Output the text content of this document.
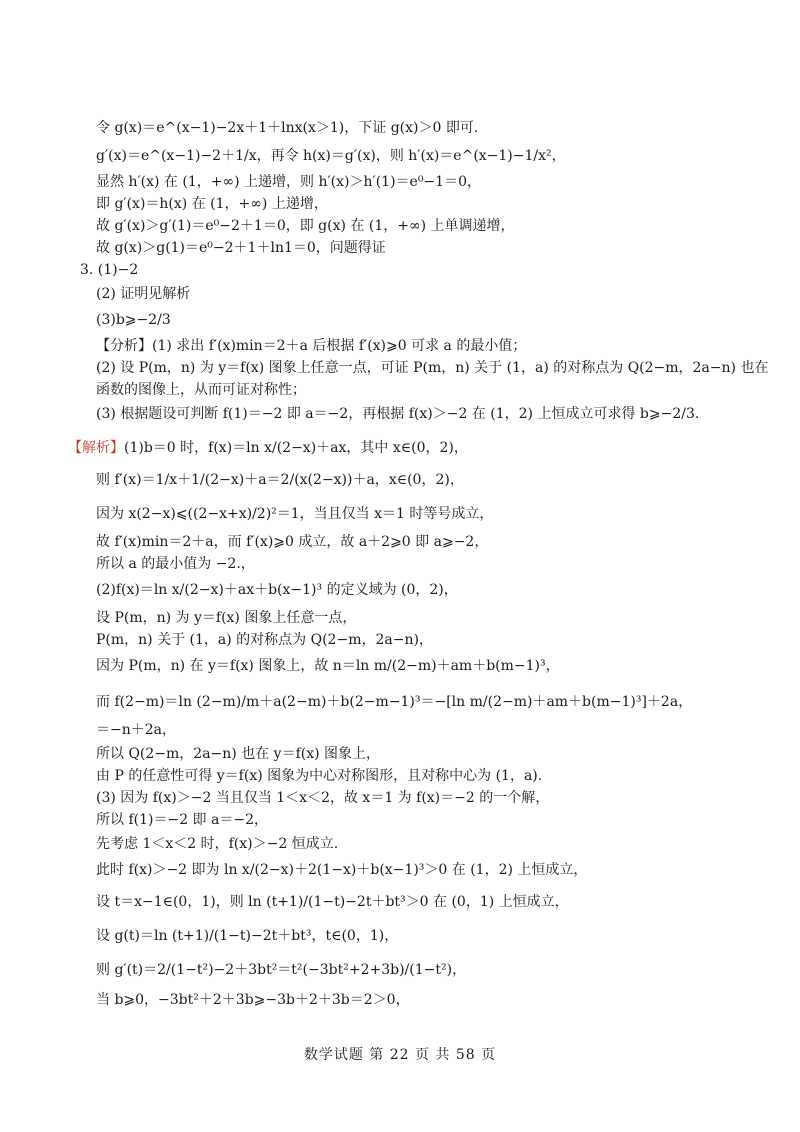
令 g(x)＝e^(x−1)−2x＋1＋lnx(x＞1)，下证 g(x)＞0 即可.
g′(x)＝e^(x−1)−2＋1/x，再令 h(x)＝g′(x)，则 h′(x)＝e^(x−1)−1/x²，
显然 h′(x) 在 (1，+∞) 上递增，则 h′(x)＞h′(1)＝e⁰−1＝0，
即 g′(x)＝h(x) 在 (1，+∞) 上递增，
故 g′(x)＞g′(1)＝e⁰−2＋1＝0，即 g(x) 在 (1，+∞) 上单调递增，
故 g(x)＞g(1)＝e⁰−2＋1＋ln1＝0，问题得证
3. (1)−2
(2) 证明见解析
(3)b⩾−2/3
【分析】(1) 求出 f′(x)min＝2＋a 后根据 f′(x)⩾0 可求 a 的最小值；
(2) 设 P(m，n) 为 y＝f(x) 图象上任意一点，可证 P(m，n) 关于 (1，a) 的对称点为 Q(2−m，2a−n) 也在
函数的图像上，从而可证对称性；
(3) 根据题设可判断 f(1)＝−2 即 a＝−2，再根据 f(x)＞−2 在 (1，2) 上恒成立可求得 b⩾−2/3.
【解析】(1)b＝0 时，f(x)＝ln x/(2−x)＋ax，其中 x∈(0，2)，
则 f′(x)＝1/x＋1/(2−x)＋a＝2/(x(2−x))＋a，x∈(0，2)，
因为 x(2−x)⩽((2−x+x)/2)²＝1，当且仅当 x＝1 时等号成立，
故 f′(x)min＝2＋a，而 f′(x)⩾0 成立，故 a＋2⩾0 即 a⩾−2，
所以 a 的最小值为 −2.，
(2)f(x)＝ln x/(2−x)＋ax＋b(x−1)³ 的定义域为 (0，2)，
设 P(m，n) 为 y＝f(x) 图象上任意一点，
P(m，n) 关于 (1，a) 的对称点为 Q(2−m，2a−n)，
因为 P(m，n) 在 y＝f(x) 图象上，故 n＝ln m/(2−m)＋am＋b(m−1)³，
而 f(2−m)＝ln (2−m)/m＋a(2−m)＋b(2−m−1)³＝−[ln m/(2−m)＋am＋b(m−1)³]＋2a，
＝−n＋2a，
所以 Q(2−m，2a−n) 也在 y＝f(x) 图象上，
由 P 的任意性可得 y＝f(x) 图象为中心对称图形，且对称中心为 (1，a).
(3) 因为 f(x)＞−2 当且仅当 1＜x＜2，故 x＝1 为 f(x)＝−2 的一个解，
所以 f(1)＝−2 即 a＝−2，
先考虑 1＜x＜2 时，f(x)＞−2 恒成立.
此时 f(x)＞−2 即为 ln x/(2−x)＋2(1−x)＋b(x−1)³＞0 在 (1，2) 上恒成立，
设 t＝x−1∈(0，1)，则 ln (t+1)/(1−t)−2t＋bt³＞0 在 (0，1) 上恒成立，
设 g(t)＝ln (t+1)/(1−t)−2t＋bt³，t∈(0，1)，
则 g′(t)＝2/(1−t²)−2＋3bt²＝t²(−3bt²+2+3b)/(1−t²)，
当 b⩾0，−3bt²＋2＋3b⩾−3b＋2＋3b＝2＞0，
数学试题 第 22 页 共 58 页
